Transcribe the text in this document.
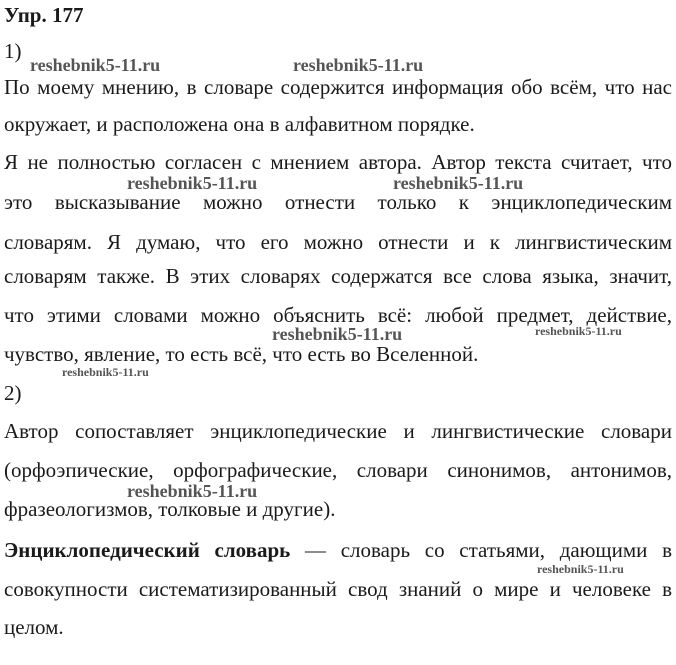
Упр. 177
1)
По моему мнению, в словаре содержится информация обо всём, что нас
окружает, и расположена она в алфавитном порядке.
Я не полностью согласен с мнением автора. Автор текста считает, что
это высказывание можно отнести только к энциклопедическим
словарям. Я думаю, что его можно отнести и к лингвистическим
словарям также. В этих словарях содержатся все слова языка, значит,
что этими словами можно объяснить всё: любой предмет, действие,
чувство, явление, то есть всё, что есть во Вселенной.
2)
Автор сопоставляет энциклопедические и лингвистические словари
(орфоэпические, орфографические, словари синонимов, антонимов,
фразеологизмов, толковые и другие).
Энциклопедический словарь — словарь со статьями, дающими в
совокупности систематизированный свод знаний о мире и человеке в
целом.
reshebnik5-11.ru	reshebnik5-11.ru
reshebnik5-11.ru	reshebnik5-11.ru
reshebnik5-11.ru	reshebnik5-11.ru
reshebnik5-11.ru
reshebnik5-11.ru
reshebnik5-11.ru
